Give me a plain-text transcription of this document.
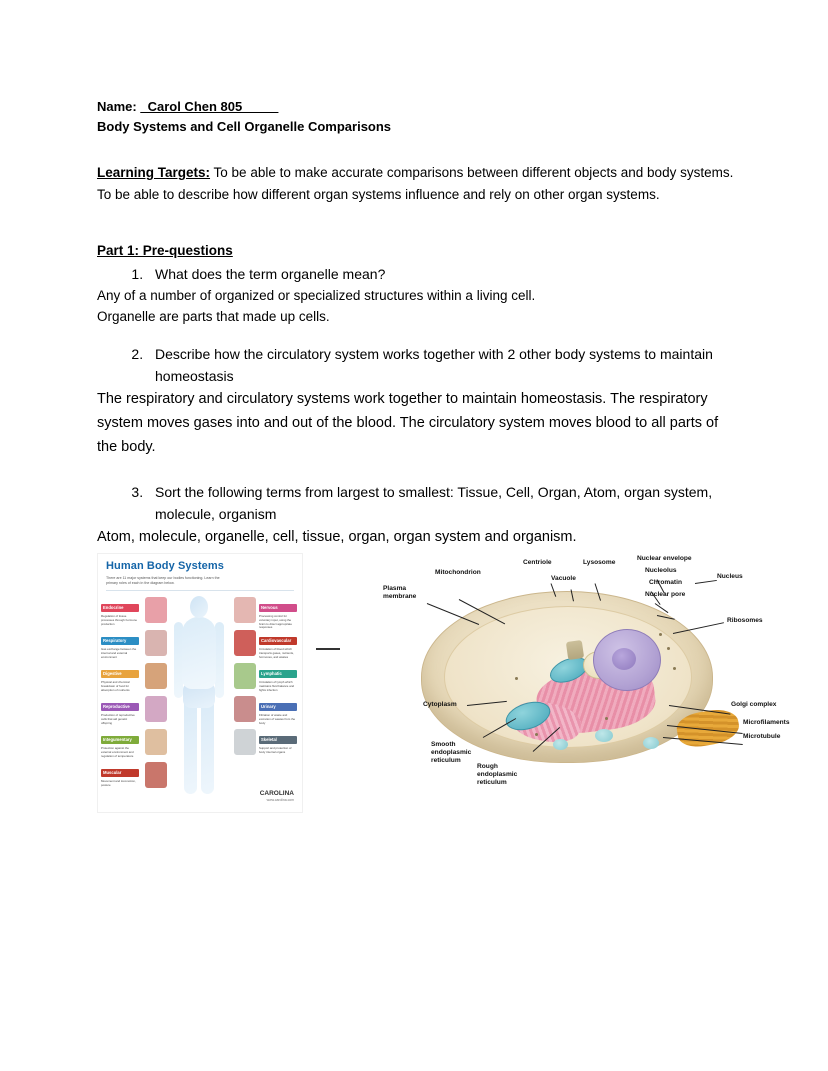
Name: _Carol Chen 805_____
Body Systems and Cell Organelle Comparisons
Learning Targets: To be able to make accurate comparisons between different objects and body systems. To be able to describe how different organ systems influence and rely on other organ systems.
Part 1: Pre-questions
1. What does the term organelle mean?
Any of a number of organized or specialized structures within a living cell.
Organelle are parts that made up cells.
2. Describe how the circulatory system works together with 2 other body systems to maintain homeostasis
The respiratory and circulatory systems work together to maintain homeostasis. The respiratory system moves gases into and out of the blood. The circulatory system moves blood to all parts of the body.
3. Sort the following terms from largest to smallest: Tissue, Cell, Organ, Atom, organ system, molecule, organism
Atom, molecule, organelle, cell, tissue, organ, organ system and organism.
Human Body Systems
There are 11 major systems that keep our bodies functioning. Learn the primary roles of each in the diagram below.
Endocrine
Regulation of tissue processes through hormone production
Respiratory
Gas exchange between the internal and external environment
Digestive
Physical and chemical breakdown of food for absorption of nutrients
Reproductive
Production of reproductive cells that aid genetic offspring
Integumentary
Protection against the external environment and regulation of temperature
Muscular
Movement and locomotion, posture
Nervous
Processing control for voluntary input, using the brain to direct appropriate responses
Cardiovascular
Circulation of blood which transports gases, nutrients, hormones, and wastes
Lymphatic
Circulation of lymph which maintains fluid balance and fights infection
Urinary
Filtration of waste and excretion of wastes from the body
Skeletal
Support and protection of body internal organs
CAROLINA
www.carolina.com
Plasma membrane
Mitochondrion
Centriole	Lysosome
Vacuole
Nuclear envelope
Nucleolus
Chromatin
Nuclear pore
Nucleus
Ribosomes
Golgi complex
Microfilaments
Microtubule
Cytoplasm
Smooth endoplasmic reticulum
Rough endoplasmic reticulum
